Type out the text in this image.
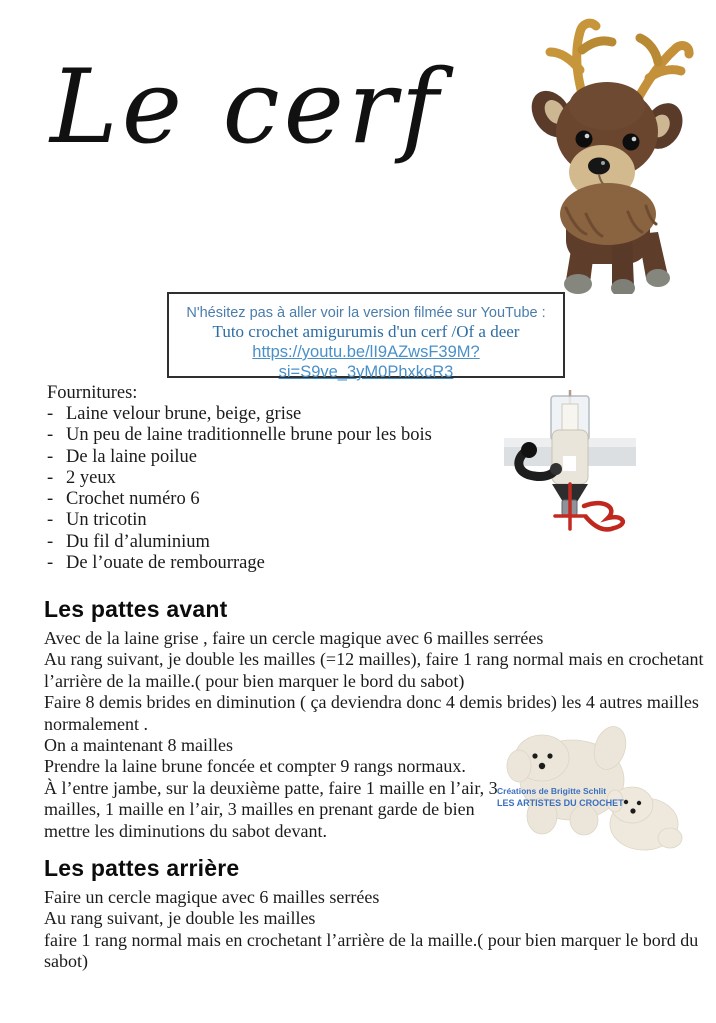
Le cerf
N'hésitez pas à aller voir la version filmée sur YouTube :
Tuto crochet amigurumis d'un cerf /Of a deer
https://youtu.be/lI9AZwsF39M?si=S9ve_3yM0PhxkcR3
Fournitures:
- Laine velour brune, beige, grise
- Un peu de laine traditionnelle brune pour les bois
- De la laine poilue
- 2 yeux
- Crochet numéro 6
- Un tricotin
- Du fil d’aluminium
- De l’ouate de rembourrage
Les pattes avant
Avec de la laine grise , faire un cercle magique avec 6 mailles serrées
Au rang suivant, je double les mailles (=12 mailles), faire 1 rang normal mais en crochetant l’arrière de la maille.( pour bien marquer le bord du sabot)
Faire 8 demis brides en diminution ( ça deviendra donc 4 demis brides) les 4 autres mailles normalement .
On a maintenant 8 mailles
Prendre la laine brune foncée et compter 9 rangs normaux.
À l’entre jambe, sur la deuxième patte, faire 1 maille en l’air, 3 mailles, 1 maille en l’air, 3 mailles en prenant garde de bien mettre les diminutions du sabot devant.
Créations de Brigitte Schlit
LES ARTISTES DU CROCHET
Les pattes arrière
Faire un cercle magique avec 6 mailles serrées
Au rang suivant, je double les mailles
faire 1 rang normal mais en crochetant l’arrière de la maille.( pour bien marquer le bord du sabot)
